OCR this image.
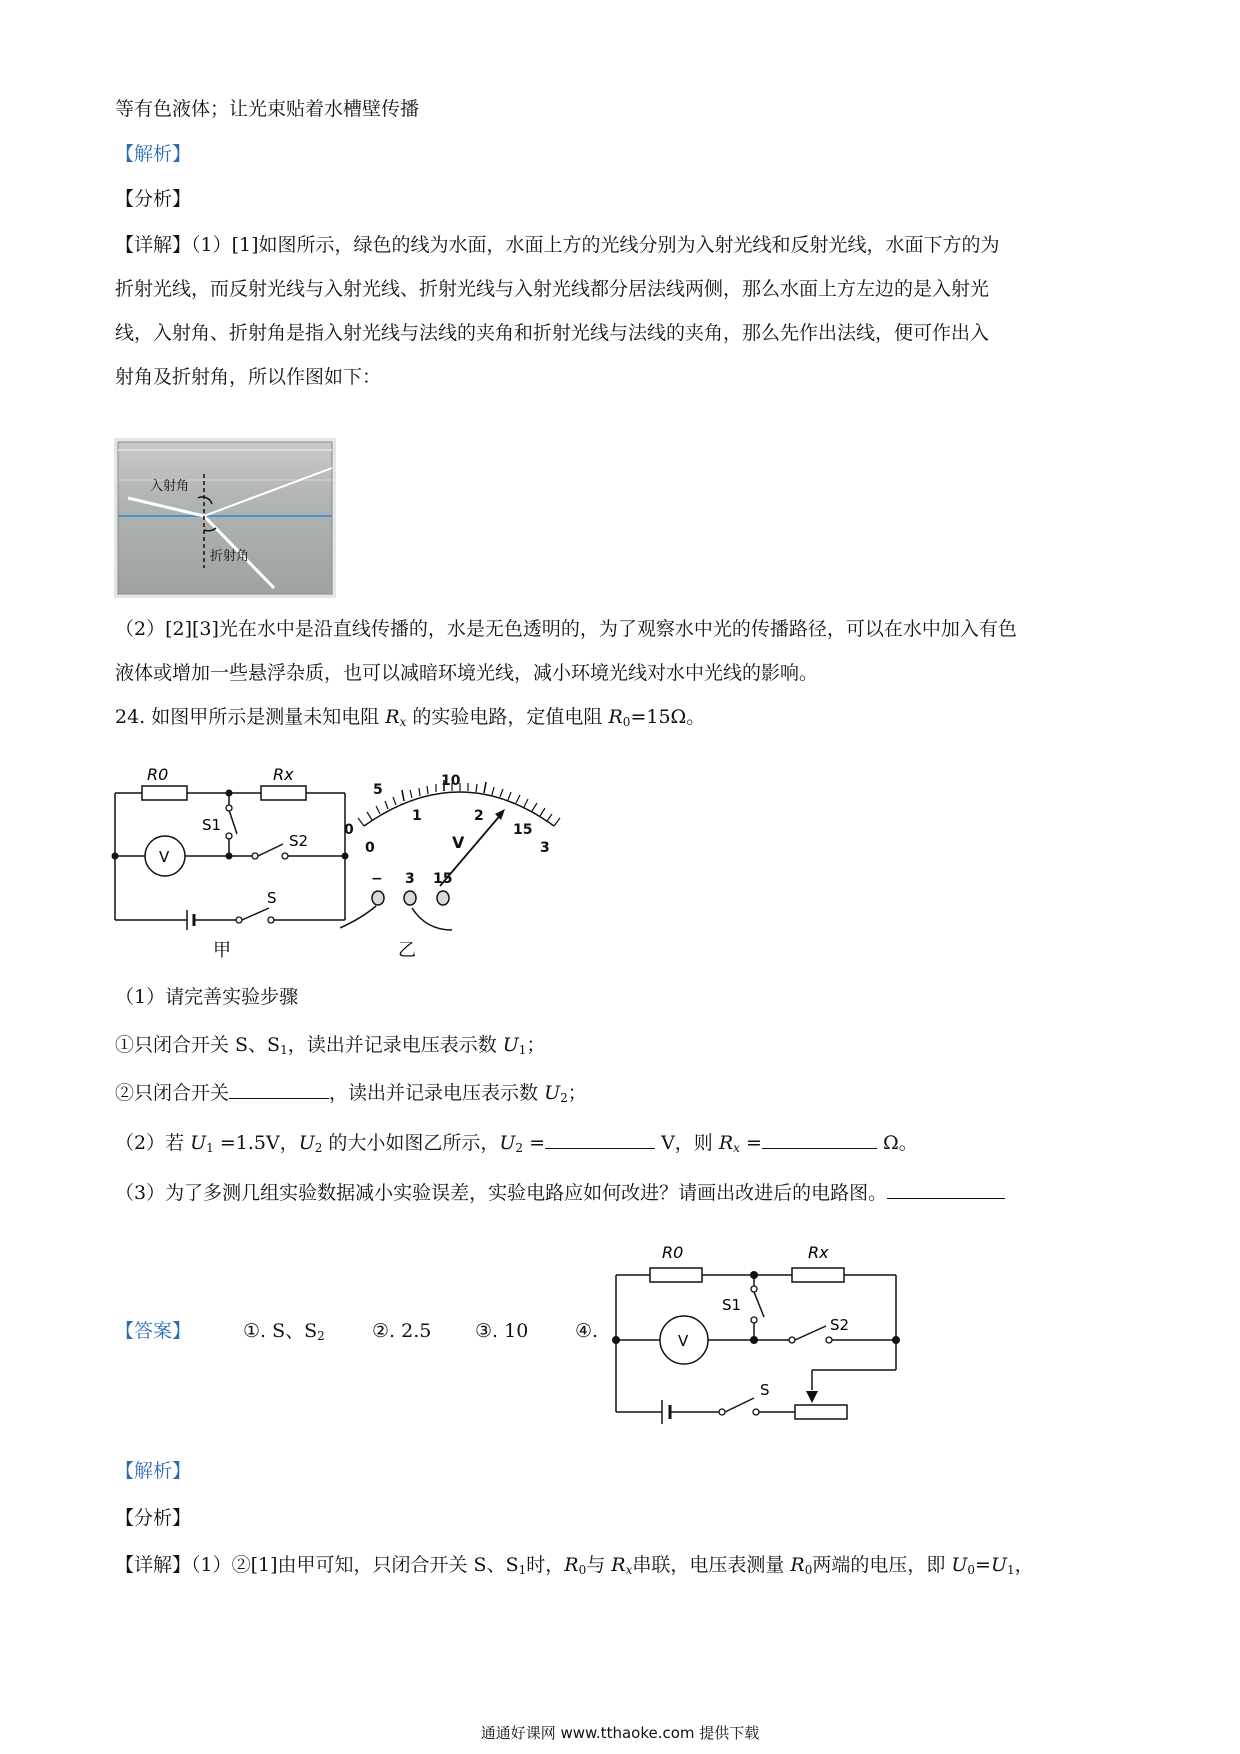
等有色液体；让光束贴着水槽壁传播
【解析】
【分析】
【详解】（1）[1]如图所示，绿色的线为水面，水面上方的光线分别为入射光线和反射光线，水面下方的为
折射光线，而反射光线与入射光线、折射光线与入射光线都分居法线两侧，那么水面上方左边的是入射光
线，入射角、折射角是指入射光线与法线的夹角和折射光线与法线的夹角，那么先作出法线，便可作出入
射角及折射角，所以作图如下：
入射角
折射角
（2）[2][3]光在水中是沿直线传播的，水是无色透明的，为了观察水中光的传播路径，可以在水中加入有色
液体或增加一些悬浮杂质，也可以减暗环境光线，减小环境光线对水中光线的影响。
24. 如图甲所示是测量未知电阻 $R_x$ 的实验电路，定值电阻 $R_0=15\Omega$。
R0	Rx
S1
S2
S
V
甲
0
5
10
15
0
1	2
3
V
− 3 15
乙
（1）请完善实验步骤
①只闭合开关 S、$S_1$，读出并记录电压表示数 $U_1$；
②只闭合开关	，读出并记录电压表示数 $U_2$；
（2）若 $U_1 =1.5V$，$U_2$ 的大小如图乙所示，$U_2$ =	V，则 $R_x$ =	Ω。
（3）为了多测几组实验数据减小实验误差，实验电路应如何改进？请画出改进后的电路图。
【答案】	①. S、$S_2$ ②. 2.5 ③. 10 ④.
R0	Rx
S1
S2
S
V
【解析】
【分析】
【详解】（1）②[1]由甲可知，只闭合开关 S、$S_1$时，$R_0$与 $R_x$串联，电压表测量 $R_0$两端的电压，即 $U_0=U_1$，
通通好课网 www.tthaoke.com 提供下载
